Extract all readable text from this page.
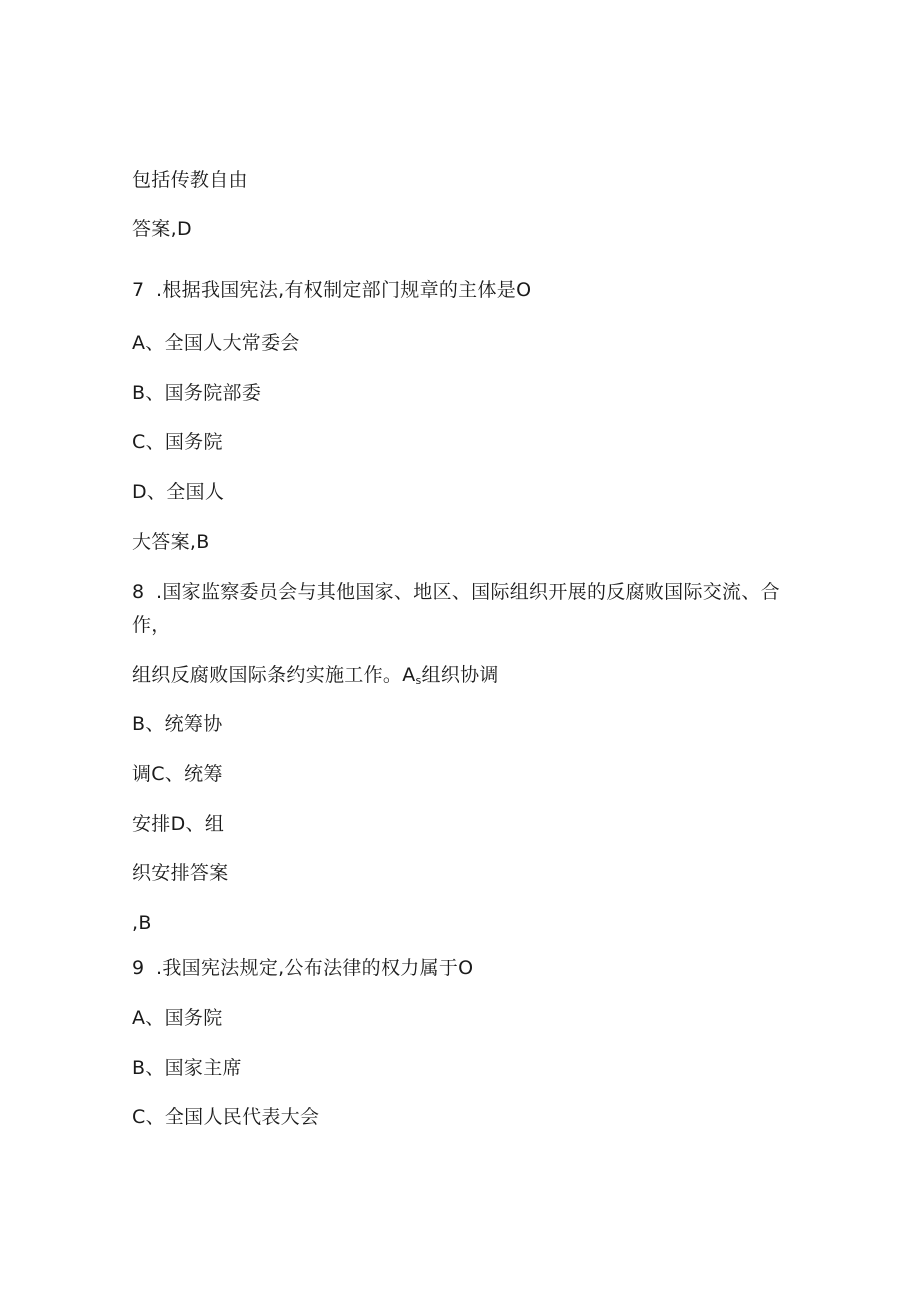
包括传教自由
答案,D
7 .根据我国宪法,有权制定部门规章的主体是O
A、全国人大常委会
B、国务院部委
C、国务院
D、全国人
大答案,B
8 .国家监察委员会与其他国家、地区、国际组织开展的反腐败国际交流、合
作，
组织反腐败国际条约实施工作。$A_s$组织协调
B、统筹协
调C、统筹
安排D、组
织安排答案
,B
9 .我国宪法规定,公布法律的权力属于O
A、国务院
B、国家主席
C、全国人民代表大会
